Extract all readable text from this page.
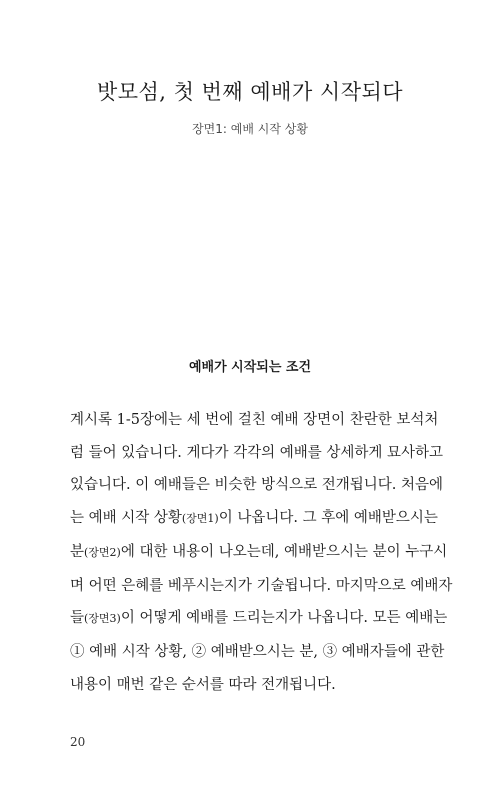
밧모섬, 첫 번째 예배가 시작되다
장면1: 예배 시작 상황
예배가 시작되는 조건
계시록 1-5장에는 세 번에 걸친 예배 장면이 찬란한 보석처
럼 들어 있습니다. 게다가 각각의 예배를 상세하게 묘사하고
있습니다. 이 예배들은 비슷한 방식으로 전개됩니다. 처음에
는 예배 시작 상황(장면1)이 나옵니다. 그 후에 예배받으시는
분(장면2)에 대한 내용이 나오는데, 예배받으시는 분이 누구시
며 어떤 은혜를 베푸시는지가 기술됩니다. 마지막으로 예배자
들(장면3)이 어떻게 예배를 드리는지가 나옵니다. 모든 예배는
① 예배 시작 상황, ② 예배받으시는 분, ③ 예배자들에 관한
내용이 매번 같은 순서를 따라 전개됩니다.
20
